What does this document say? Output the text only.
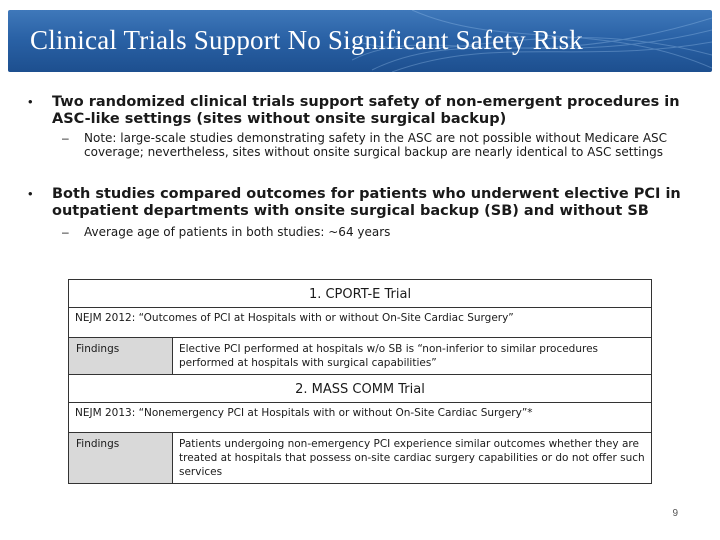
Clinical Trials Support No Significant Safety Risk
• Two randomized clinical trials support safety of non-emergent procedures in ASC-like settings (sites without onsite surgical backup)
– Note: large-scale studies demonstrating safety in the ASC are not possible without Medicare ASC coverage; nevertheless, sites without onsite surgical backup are nearly identical to ASC settings
• Both studies compared outcomes for patients who underwent elective PCI in outpatient departments with onsite surgical backup (SB) and without SB
– Average age of patients in both studies: ~64 years
1. CPORT-E Trial	
NEJM 2012: “Outcomes of PCI at Hospitals with or without On-Site Cardiac Surgery”	
Findings	Elective PCI performed at hospitals w/o SB is “non-inferior to similar procedures performed at hospitals with surgical capabilities”
2. MASS COMM Trial	
NEJM 2013: “Nonemergency PCI at Hospitals with or without On-Site Cardiac Surgery”*	
Findings	Patients undergoing non-emergency PCI experience similar outcomes whether they are treated at hospitals that possess on-site cardiac surgery capabilities or do not offer such services
9
